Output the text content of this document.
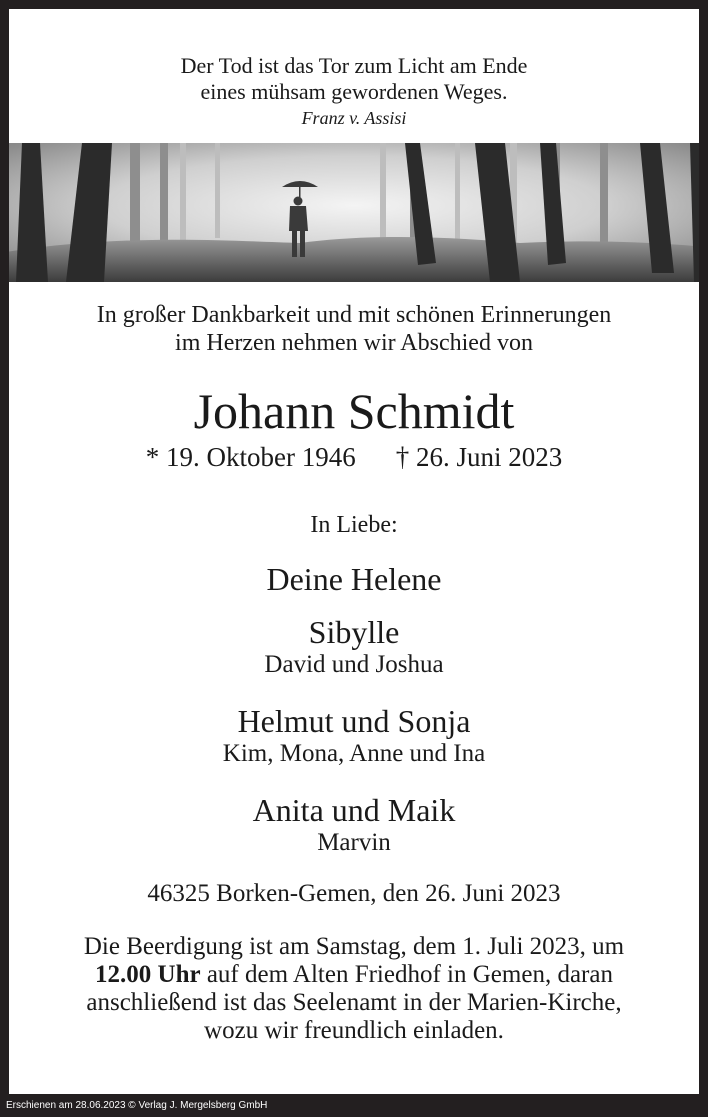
Der Tod ist das Tor zum Licht am Ende
eines mühsam gewordenen Weges.
Franz v. Assisi
In großer Dankbarkeit und mit schönen Erinnerungen
im Herzen nehmen wir Abschied von
Johann Schmidt
* 19. Oktober 1946 † 26. Juni 2023
In Liebe:
Deine Helene
Sibylle
David und Joshua
Helmut und Sonja
Kim, Mona, Anne und Ina
Anita und Maik
Marvin
46325 Borken-Gemen, den 26. Juni 2023
Die Beerdigung ist am Samstag, dem 1. Juli 2023, um
12.00 Uhr auf dem Alten Friedhof in Gemen, daran
anschließend ist das Seelenamt in der Marien-Kirche,
wozu wir freundlich einladen.
Erschienen am 28.06.2023 © Verlag J. Mergelsberg GmbH
